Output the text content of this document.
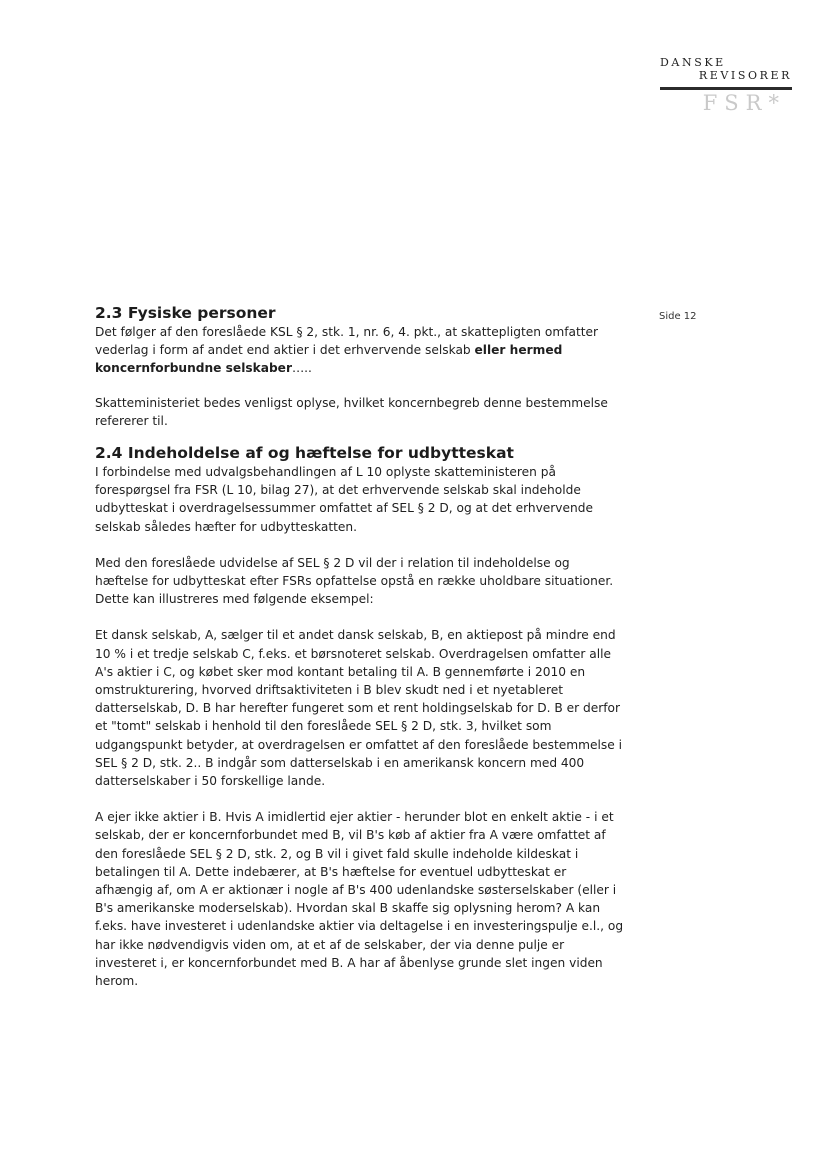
DANSKE
REVISORER
FSR*
Side 12
2.3 Fysiske personer

Det følger af den foreslåede KSL § 2, stk. 1, nr. 6, 4. pkt., at skattepligten omfatter vederlag i form af andet end aktier i det erhvervende selskab eller hermed koncernforbundne selskaber…..

Skatteministeriet bedes venligst oplyse, hvilket koncernbegreb denne bestemmelse refererer til.

2.4 Indeholdelse af og hæftelse for udbytteskat

I forbindelse med udvalgsbehandlingen af L 10 oplyste skatteministeren på forespørgsel fra FSR (L 10, bilag 27), at det erhvervende selskab skal indeholde udbytteskat i overdragelsessummer omfattet af SEL § 2 D, og at det erhvervende selskab således hæfter for udbytteskatten.

Med den foreslåede udvidelse af SEL § 2 D vil der i relation til indeholdelse og hæftelse for udbytteskat efter FSRs opfattelse opstå en række uholdbare situationer. Dette kan illustreres med følgende eksempel:

Et dansk selskab, A, sælger til et andet dansk selskab, B, en aktiepost på mindre end 10 % i et tredje selskab C, f.eks. et børsnoteret selskab. Overdragelsen omfatter alle A's aktier i C, og købet sker mod kontant betaling til A. B gennemførte i 2010 en omstrukturering, hvorved driftsaktiviteten i B blev skudt ned i et nyetableret datterselskab, D. B har herefter fungeret som et rent holdingselskab for D. B er derfor et "tomt" selskab i henhold til den foreslåede SEL § 2 D, stk. 3, hvilket som udgangspunkt betyder, at overdragelsen er omfattet af den foreslåede bestemmelse i SEL § 2 D, stk. 2.. B indgår som datterselskab i en amerikansk koncern med 400 datterselskaber i 50 forskellige lande.

A ejer ikke aktier i B. Hvis A imidlertid ejer aktier - herunder blot en enkelt aktie - i et selskab, der er koncernforbundet med B, vil B's køb af aktier fra A være omfattet af den foreslåede SEL § 2 D, stk. 2, og B vil i givet fald skulle indeholde kildeskat i betalingen til A. Dette indebærer, at B's hæftelse for eventuel udbytteskat er afhængig af, om A er aktionær i nogle af B's 400 udenlandske søsterselskaber (eller i B's amerikanske moderselskab). Hvordan skal B skaffe sig oplysning herom? A kan f.eks. have investeret i udenlandske aktier via deltagelse i en investeringspulje e.l., og har ikke nødvendigvis viden om, at et af de selskaber, der via denne pulje er investeret i, er koncernforbundet med B. A har af åbenlyse grunde slet ingen viden herom.
